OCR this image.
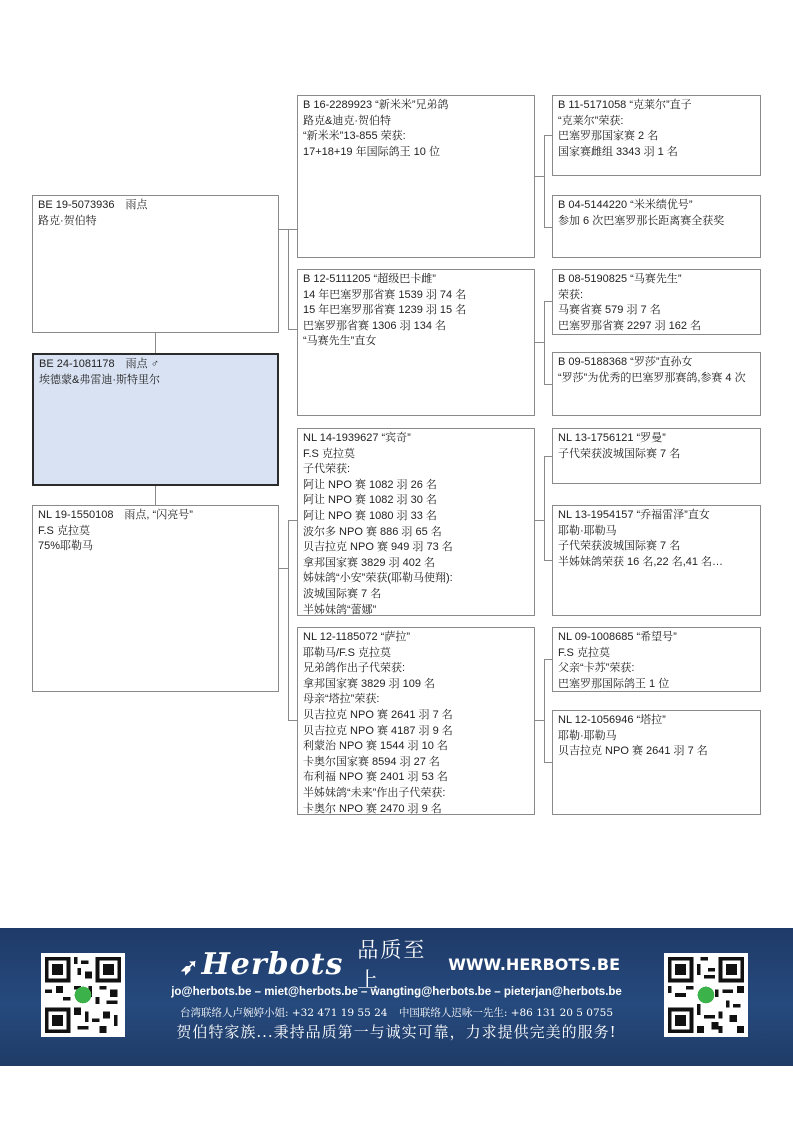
BE 19-5073936　雨点
路克·贺伯特
BE 24-1081178　雨点 ♂
埃德蒙&弗雷迪·斯特里尔
NL 19-1550108　雨点, “闪亮号”
F.S 克拉莫
75%耶勒马
B 16-2289923 “新米米”兄弟鸽
路克&迪克·贺伯特
“新米米”13-855 荣获:
17+18+19 年国际鸽王 10 位
B 12-5111205 “超级巴卡雌”
14 年巴塞罗那省赛 1539 羽 74 名
15 年巴塞罗那省赛 1239 羽 15 名
巴塞罗那省赛 1306 羽 134 名
“马赛先生”直女
NL 14-1939627 “宾奇”
F.S 克拉莫
子代荣获:
阿让 NPO 赛 1082 羽 26 名
阿让 NPO 赛 1082 羽 30 名
阿让 NPO 赛 1080 羽 33 名
波尔多 NPO 赛 886 羽 65 名
贝吉拉克 NPO 赛 949 羽 73 名
拿邦国家赛 3829 羽 402 名
姊妹鸽“小安”荣获(耶勒马使翔):
波城国际赛 7 名
半姊妹鸽“蕾娜”
NL 12-1185072 “萨拉”
耶勒马/F.S 克拉莫
兄弟鸽作出子代荣获:
拿邦国家赛 3829 羽 109 名
母亲“塔拉”荣获:
贝吉拉克 NPO 赛 2641 羽 7 名
贝吉拉克 NPO 赛 4187 羽 9 名
利蒙治 NPO 赛 1544 羽 10 名
卡奥尔国家赛 8594 羽 27 名
布利福 NPO 赛 2401 羽 53 名
半姊妹鸽“未来”作出子代荣获:
卡奥尔 NPO 赛 2470 羽 9 名
B 11-5171058 “克莱尔”直子
“克莱尔”荣获:
巴塞罗那国家赛 2 名
国家赛雌组 3343 羽 1 名
B 04-5144220 “米米绩优号”
参加 6 次巴塞罗那长距离赛全获奖
B 08-5190825 “马赛先生”
荣获:
马赛省赛 579 羽 7 名
巴塞罗那省赛 2297 羽 162 名
B 09-5188368 “罗莎”直孙女
“罗莎”为优秀的巴塞罗那赛鸽,参赛 4 次
NL 13-1756121 “罗曼”
子代荣获波城国际赛 7 名
NL 13-1954157 “乔福雷泽”直女
耶勒·耶勒马
子代荣获波城国际赛 7 名
半姊妹鸽荣获 16 名,22 名,41 名…
NL 09-1008685 “希望号”
F.S 克拉莫
父亲“卡苏”荣获:
巴塞罗那国际鸽王 1 位
NL 12-1056946 “塔拉”
耶勒·耶勒马
贝吉拉克 NPO 赛 2641 羽 7 名
➶Herbots 品质至上
WWW.HERBOTS.BE
jo@herbots.be – miet@herbots.be – wangting@herbots.be – pieterjan@herbots.be
台湾联络人卢婉婷小姐: +32 471 19 55 24 中国联络人迟咏一先生: +86 131 20 5 0755
贺伯特家族...秉持品质第一与诚实可靠，力求提供完美的服务!
